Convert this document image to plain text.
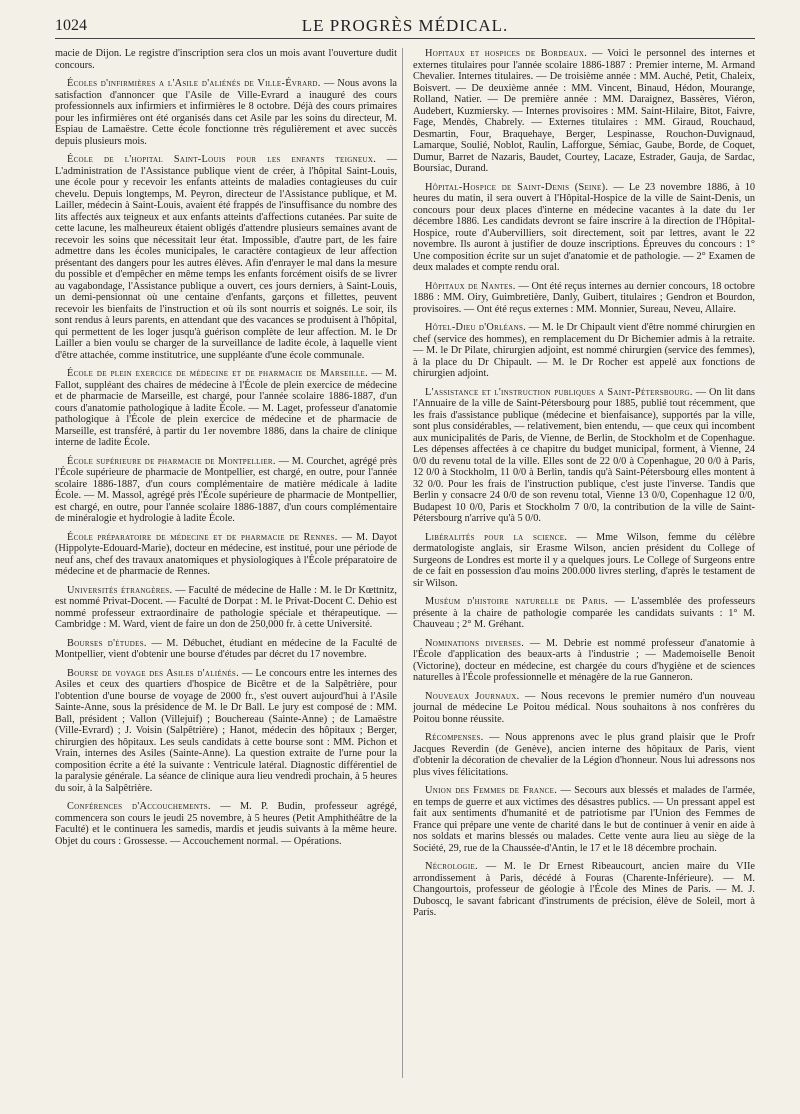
1024	LE PROGRÈS MÉDICAL.

macie de Dijon. Le registre d'inscription sera clos un mois avant l'ouverture dudit concours.

Écoles d'infirmières a l'Asile d'aliénés de Ville-Évrard. — Nous avons la satisfaction d'annoncer que l'Asile de Ville-Evrard a inauguré des cours professionnels aux infirmiers et infirmières le 8 octobre. Déjà des cours primaires pour les infirmières ont été organisés dans cet Asile par les soins du directeur, M. Espiau de Lamaëstre. Cette école fonctionne très régulièrement et avec succès depuis plusieurs mois.

École de l'hopital Saint-Louis pour les enfants teigneux. — L'administration de l'Assistance publique vient de créer, à l'hôpital Saint-Louis, une école pour y recevoir les enfants atteints de maladies contagieuses du cuir chevelu. Depuis longtemps, M. Peyron, directeur de l'Assistance publique, et M. Lailler, médecin à Saint-Louis, avaient été frappés de l'insuffisance du nombre des lits affectés aux teigneux et aux enfants atteints d'affections cutanées. Par suite de cette lacune, les malheureux étaient obligés d'attendre plusieurs semaines avant de recevoir les soins que nécessitait leur état. Impossible, d'autre part, de les faire admettre dans les écoles municipales, le caractère contagieux de leur affection présentant des dangers pour les autres élèves. Afin d'enrayer le mal dans la mesure du possible et d'empêcher en même temps les enfants forcément oisifs de se livrer au vagabondage, l'Assistance publique a ouvert, ces jours derniers, à Saint-Louis, un demi-pensionnat où une centaine d'enfants, garçons et fillettes, peuvent recevoir les bienfaits de l'instruction et où ils sont nourris et soignés. Le soir, ils sont rendus à leurs parents, en attendant que des vacances se produisent à l'hôpital, qui permettent de les loger jusqu'à guérison complète de leur affection. M. le Dr Lailler a bien voulu se charger de la surveillance de ladite école, à laquelle vient d'être attachée, comme institutrice, une suppléante d'une école communale.

École de plein exercice de médecine et de pharmacie de Marseille. — M. Fallot, suppléant des chaires de médecine à l'École de plein exercice de médecine et de pharmacie de Marseille, est chargé, pour l'année scolaire 1886-1887, d'un cours d'anatomie pathologique à ladite École. — M. Laget, professeur d'anatomie pathologique à l'École de plein exercice de médecine et de pharmacie de Marseille, est transféré, à partir du 1er novembre 1886, dans la chaire de clinique interne de ladite École.

École supérieure de pharmacie de Montpellier. — M. Courchet, agrégé près l'École supérieure de pharmacie de Montpellier, est chargé, en outre, pour l'année scolaire 1886-1887, d'un cours complémentaire de matière médicale à ladite École. — M. Massol, agrégé près l'École supérieure de pharmacie de Montpellier, est chargé, en outre, pour l'année scolaire 1886-1887, d'un cours complémentaire de minéralogie et hydrologie à ladite École.

École préparatoire de médecine et de pharmacie de Rennes. — M. Dayot (Hippolyte-Edouard-Marie), docteur en médecine, est institué, pour une période de neuf ans, chef des travaux anatomiques et physiologiques à l'École préparatoire de médecine et de pharmacie de Rennes.

Universités étrangères. — Faculté de médecine de Halle : M. le Dr Kœttnitz, est nommé Privat-Docent. — Faculté de Dorpat : M. le Privat-Docent C. Dehio est nommé professeur extraordinaire de pathologie spéciale et thérapeutique. — Cambridge : M. Ward, vient de faire un don de 250,000 fr. à cette Université.

Bourses d'études. — M. Débuchet, étudiant en médecine de la Faculté de Montpellier, vient d'obtenir une bourse d'études par décret du 17 novembre.

Bourse de voyage des Asiles d'aliénés. — Le concours entre les internes des Asiles et ceux des quartiers d'hospice de Bicêtre et de la Salpêtrière, pour l'obtention d'une bourse de voyage de 2000 fr., s'est ouvert aujourd'hui à l'Asile Sainte-Anne, sous la présidence de M. le Dr Ball. Le jury est composé de : MM. Ball, président ; Vallon (Villejuif) ; Bouchereau (Sainte-Anne) ; de Lamaëstre (Ville-Evrard) ; J. Voisin (Salpêtrière) ; Hanot, médecin des hôpitaux ; Berger, chirurgien des hôpitaux. Les seuls candidats à cette bourse sont : MM. Pichon et Vrain, internes des Asiles (Sainte-Anne). La question extraite de l'urne pour la composition écrite a été la suivante : Ventricule latéral. Diagnostic différentiel de la paralysie générale. La séance de clinique aura lieu vendredi prochain, à 5 heures du soir, à la Salpêtrière.

Conférences d'Accouchements. — M. P. Budin, professeur agrégé, commencera son cours le jeudi 25 novembre, à 5 heures (Petit Amphithéâtre de la Faculté) et le continuera les samedis, mardis et jeudis suivants à la même heure. Objet du cours : Grossesse. — Accouchement normal. — Opérations.

Hopitaux et hospices de Bordeaux. — Voici le personnel des internes et externes titulaires pour l'année scolaire 1886-1887 : Premier interne, M. Armand Chevalier. Internes titulaires. — De troisième année : MM. Auché, Petit, Chaleix, Boisvert. — De deuxième année : MM. Vincent, Binaud, Hédon, Mourange, Rolland, Natier. — De première année : MM. Daraignez, Bassères, Viéron, Audebert, Kuzmiersky. — Internes provisoires : MM. Saint-Hilaire, Bitot, Faivre, Fage, Mendès, Chabrely. — Externes titulaires : MM. Giraud, Rouchaud, Desmartin, Four, Braquehaye, Berger, Lespinasse, Rouchon-Duvignaud, Lamarque, Soulié, Noblot, Raulin, Lafforgue, Sémiac, Gaube, Borde, de Coquet, Dumur, Barret de Nazaris, Baudet, Courtey, Lacaze, Estrader, Gauja, de Sardac, Boursiac, Durand.

Hôpital-Hospice de Saint-Denis (Seine). — Le 23 novembre 1886, à 10 heures du matin, il sera ouvert à l'Hôpital-Hospice de la ville de Saint-Denis, un concours pour deux places d'interne en médecine vacantes à la date du 1er décembre 1886. Les candidats devront se faire inscrire à la direction de l'Hôpital-Hospice, route d'Aubervilliers, soit directement, soit par lettres, avant le 22 novembre. Ils auront à justifier de douze inscriptions. Épreuves du concours : 1° Une composition écrite sur un sujet d'anatomie et de pathologie. — 2° Examen de deux malades et compte rendu oral.

Hôpitaux de Nantes. — Ont été reçus internes au dernier concours, 18 octobre 1886 : MM. Oiry, Guimbretière, Danly, Guibert, titulaires ; Gendron et Bourdon, provisoires. — Ont été reçus externes : MM. Monnier, Sureau, Neveu, Allaire.

Hôtel-Dieu d'Orléans. — M. le Dr Chipault vient d'être nommé chirurgien en chef (service des hommes), en remplacement du Dr Bichemier admis à la retraite. — M. le Dr Pilate, chirurgien adjoint, est nommé chirurgien (service des femmes), à la place du Dr Chipault. — M. le Dr Rocher est appelé aux fonctions de chirurgien adjoint.

L'assistance et l'instruction publiques a Saint-Pétersbourg. — On lit dans l'Annuaire de la ville de Saint-Pétersbourg pour 1885, publié tout récemment, que les frais d'assistance publique (médecine et bienfaisance), supportés par la ville, sont plus considérables, — relativement, bien entendu, — que ceux qui incombent aux municipalités de Paris, de Vienne, de Berlin, de Stockholm et de Copenhague. Les dépenses affectées à ce chapitre du budget municipal, forment, à Vienne, 24 0/0 du revenu total de la ville. Elles sont de 22 0/0 à Copenhague, 20 0/0 à Paris, 12 0/0 à Stockholm, 11 0/0 à Berlin, tandis qu'à Saint-Pétersbourg elles montent à 32 0/0. Pour les frais de l'instruction publique, c'est juste l'inverse. Tandis que Berlin y consacre 24 0/0 de son revenu total, Vienne 13 0/0, Copenhague 12 0/0, Budapest 10 0/0, Paris et Stockholm 7 0/0, la contribution de la ville de Saint-Pétersbourg n'arrive qu'à 5 0/0.

Libéralités pour la science. — Mme Wilson, femme du célèbre dermatologiste anglais, sir Erasme Wilson, ancien président du College of Surgeons de Londres est morte il y a quelques jours. Le College of Surgeons entre de ce fait en possession d'au moins 200.000 livres sterling, d'après le testament de sir Wilson.

Muséum d'histoire naturelle de Paris. — L'assemblée des professeurs présente à la chaire de pathologie comparée les candidats suivants : 1° M. Chauveau ; 2° M. Gréhant.

Nominations diverses. — M. Debrie est nommé professeur d'anatomie à l'École d'application des beaux-arts à l'industrie ; — Mademoiselle Benoit (Victorine), docteur en médecine, est chargée du cours d'hygiène et de sciences naturelles à l'École professionnelle et ménagère de la rue Ganneron.

Nouveaux Journaux. — Nous recevons le premier numéro d'un nouveau journal de médecine Le Poitou médical. Nous souhaitons à nos confrères du Poitou bonne réussite.

Récompenses. — Nous apprenons avec le plus grand plaisir que le Profr Jacques Reverdin (de Genève), ancien interne des hôpitaux de Paris, vient d'obtenir la décoration de chevalier de la Légion d'honneur. Nous lui adressons nos plus vives félicitations.

Union des Femmes de France. — Secours aux blessés et malades de l'armée, en temps de guerre et aux victimes des désastres publics. — Un pressant appel est fait aux sentiments d'humanité et de patriotisme par l'Union des Femmes de France qui prépare une vente de charité dans le but de continuer à venir en aide à nos soldats et marins blessés ou malades. Cette vente aura lieu au siège de la Société, 29, rue de la Chaussée-d'Antin, le 17 et le 18 décembre prochain.

Nécrologie. — M. le Dr Ernest Ribeaucourt, ancien maire du VIIe arrondissement à Paris, décédé à Fouras (Charente-Inférieure). — M. Changourtois, professeur de géologie à l'École des Mines de Paris. — M. J. Duboscq, le savant fabricant d'instruments de précision, élève de Soleil, mort à Paris.
